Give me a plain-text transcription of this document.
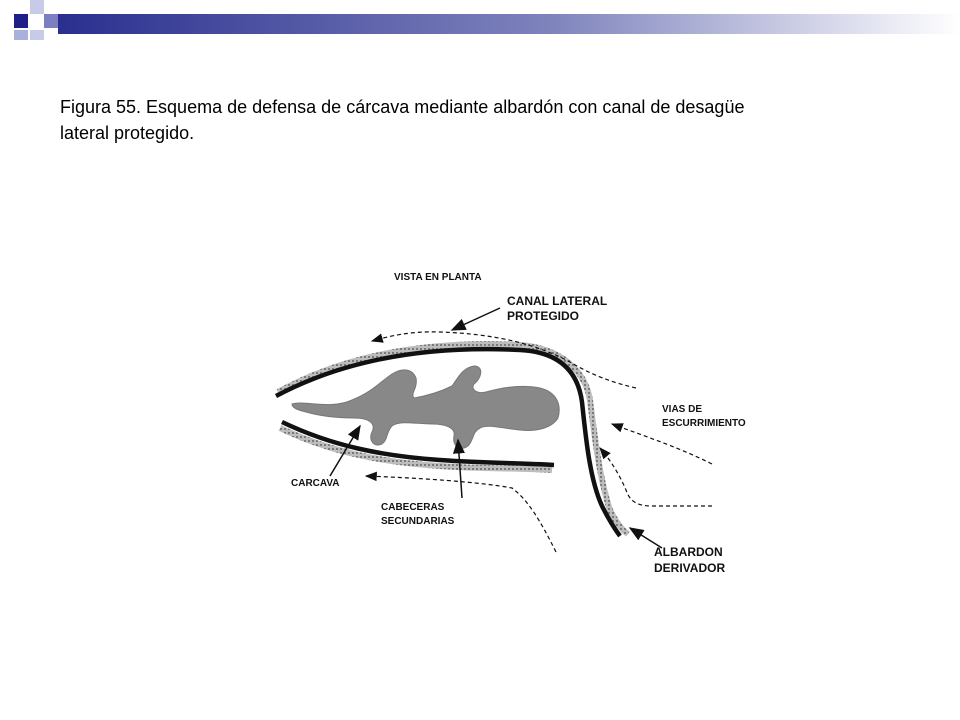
Figura 55. Esquema de defensa de cárcava mediante albardón con canal de desagüe
lateral protegido.
VISTA EN PLANTA
CANAL LATERAL
PROTEGIDO
VIAS DE
ESCURRIMIENTO
CARCAVA
CABECERAS
SECUNDARIAS
ALBARDON
DERIVADOR
